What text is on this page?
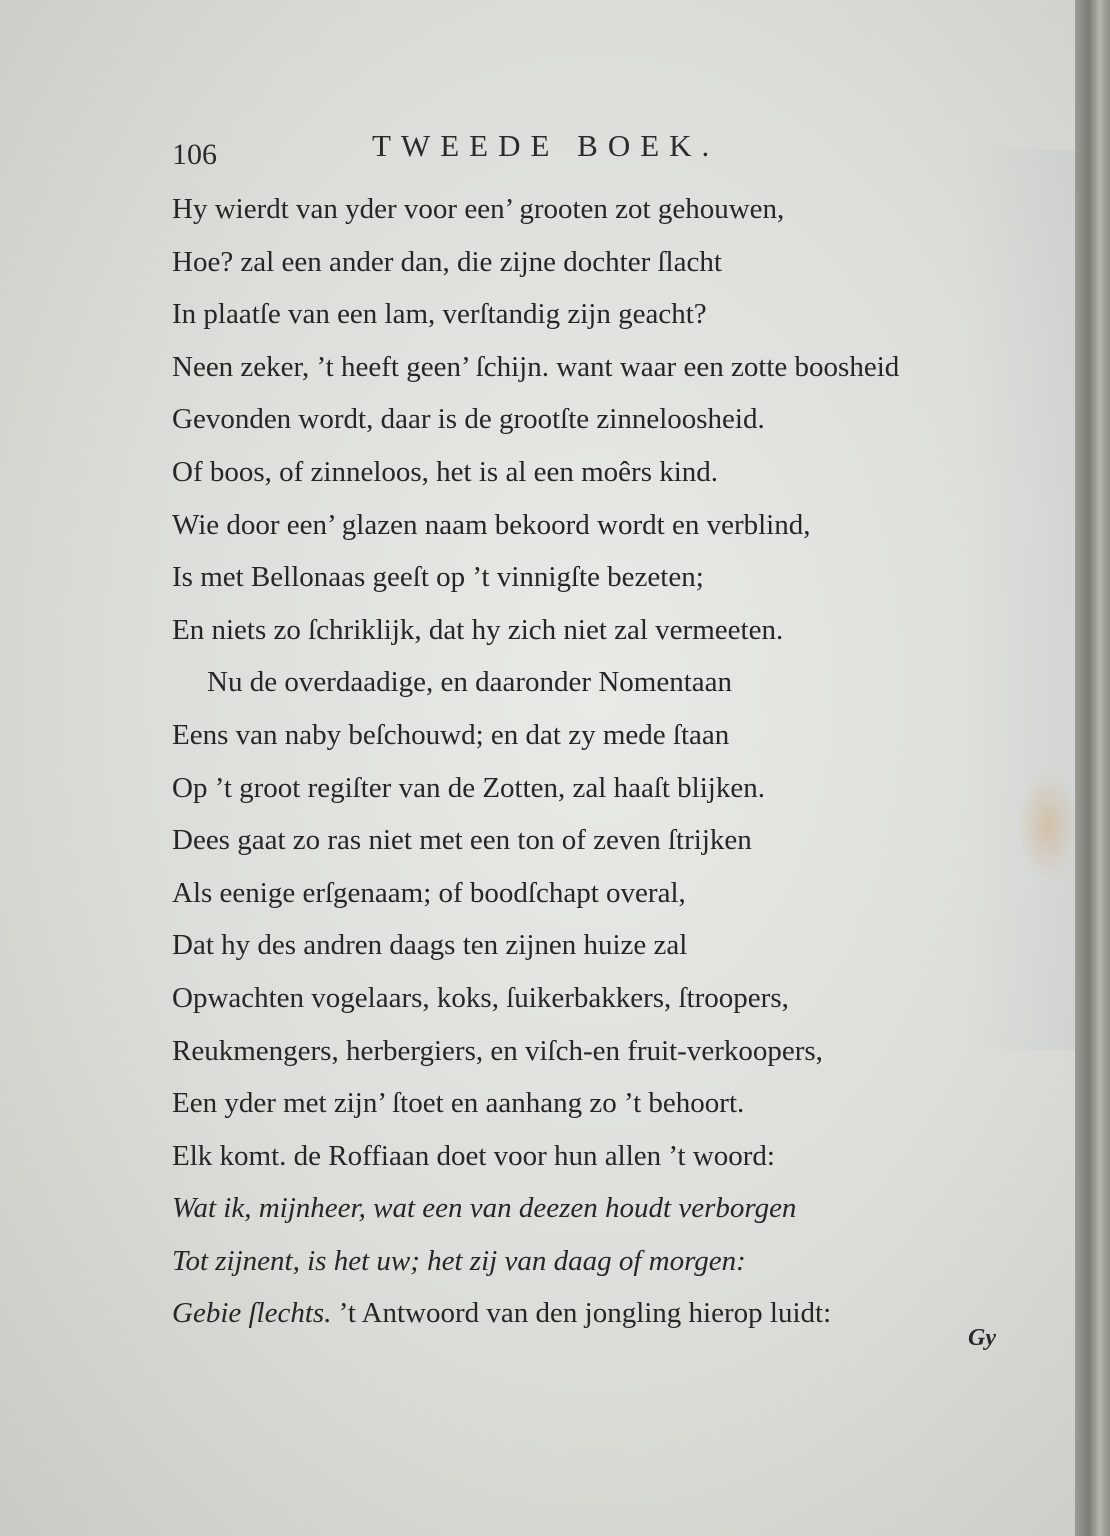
106	TWEEDE BOEK.
Hy wierdt van yder voor een’ grooten zot gehouwen,
Hoe? zal een ander dan, die zijne dochter ſlacht
In plaatſe van een lam, verſtandig zijn geacht?
Neen zeker, ’t heeft geen’ ſchijn. want waar een zotte boosheid
Gevonden wordt, daar is de grootſte zinneloosheid.
Of boos, of zinneloos, het is al een moêrs kind.
Wie door een’ glazen naam bekoord wordt en verblind,
Is met Bellonaas geeſt op ’t vinnigſte bezeten;
En niets zo ſchriklijk, dat hy zich niet zal vermeeten.
Nu de overdaadige, en daaronder Nomentaan
Eens van naby beſchouwd; en dat zy mede ſtaan
Op ’t groot regiſter van de Zotten, zal haaſt blijken.
Dees gaat zo ras niet met een ton of zeven ſtrijken
Als eenige erſgenaam; of boodſchapt overal,
Dat hy des andren daags ten zijnen huize zal
Opwachten vogelaars, koks, ſuikerbakkers, ſtroopers,
Reukmengers, herbergiers, en viſch-en fruit-verkoopers,
Een yder met zijn’ ſtoet en aanhang zo ’t behoort.
Elk komt. de Roffiaan doet voor hun allen ’t woord:
Wat ik, mijnheer, wat een van deezen houdt verborgen
Tot zijnent, is het uw; het zij van daag of morgen:
Gebie ſlechts. ’t Antwoord van den jongling hierop luidt:
Gy
